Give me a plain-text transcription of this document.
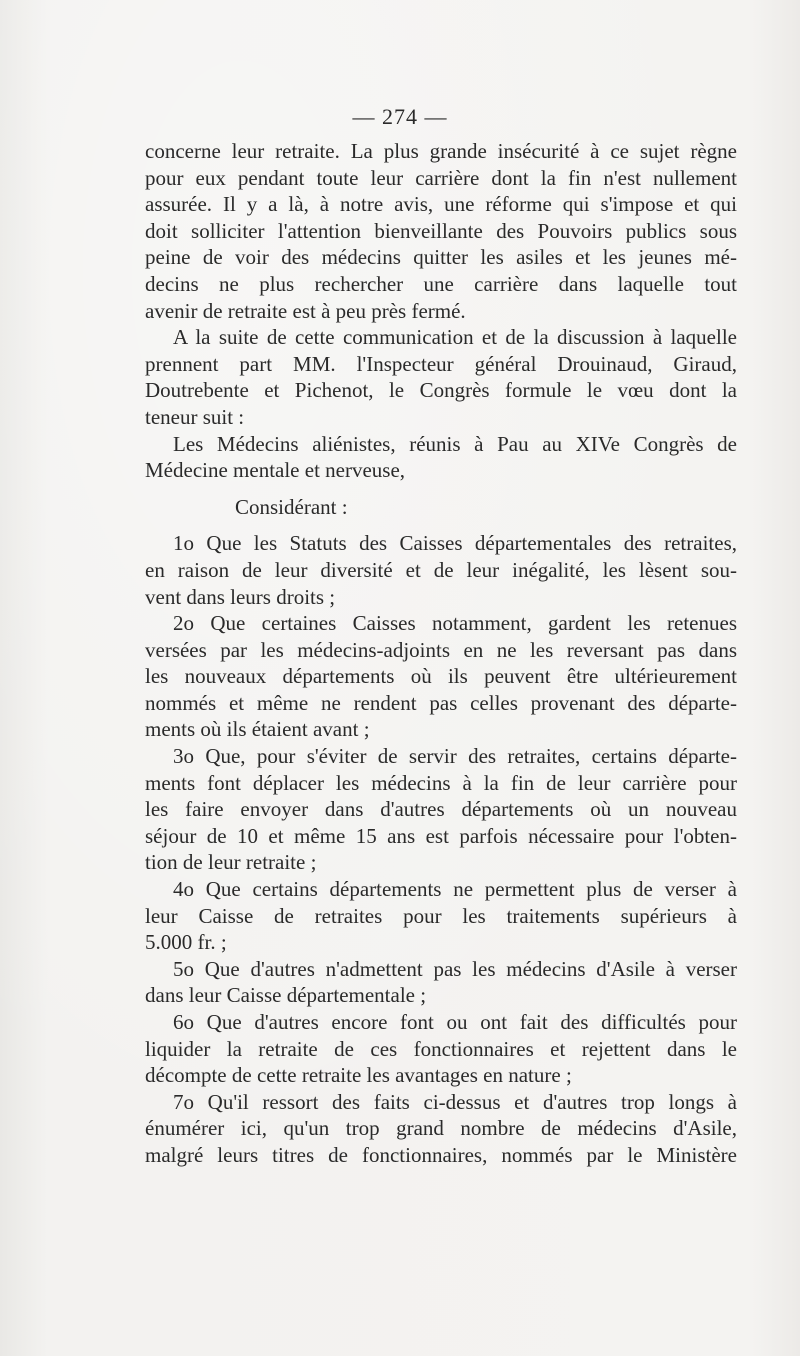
— 274 —
concerne leur retraite. La plus grande insécurité à ce sujet règne
pour eux pendant toute leur carrière dont la fin n'est nullement
assurée. Il y a là, à notre avis, une réforme qui s'impose et qui
doit solliciter l'attention bienveillante des Pouvoirs publics sous
peine de voir des médecins quitter les asiles et les jeunes mé-
decins ne plus rechercher une carrière dans laquelle tout
avenir de retraite est à peu près fermé.
A la suite de cette communication et de la discussion à laquelle
prennent part MM. l'Inspecteur général Drouinaud, Giraud,
Doutrebente et Pichenot, le Congrès formule le vœu dont la
teneur suit :
Les Médecins aliénistes, réunis à Pau au XIVe Congrès de
Médecine mentale et nerveuse,
Considérant :
1o Que les Statuts des Caisses départementales des retraites,
en raison de leur diversité et de leur inégalité, les lèsent sou-
vent dans leurs droits ;
2o Que certaines Caisses notamment, gardent les retenues
versées par les médecins-adjoints en ne les reversant pas dans
les nouveaux départements où ils peuvent être ultérieurement
nommés et même ne rendent pas celles provenant des départe-
ments où ils étaient avant ;
3o Que, pour s'éviter de servir des retraites, certains départe-
ments font déplacer les médecins à la fin de leur carrière pour
les faire envoyer dans d'autres départements où un nouveau
séjour de 10 et même 15 ans est parfois nécessaire pour l'obten-
tion de leur retraite ;
4o Que certains départements ne permettent plus de verser à
leur Caisse de retraites pour les traitements supérieurs à
5.000 fr. ;
5o Que d'autres n'admettent pas les médecins d'Asile à verser
dans leur Caisse départementale ;
6o Que d'autres encore font ou ont fait des difficultés pour
liquider la retraite de ces fonctionnaires et rejettent dans le
décompte de cette retraite les avantages en nature ;
7o Qu'il ressort des faits ci-dessus et d'autres trop longs à
énumérer ici, qu'un trop grand nombre de médecins d'Asile,
malgré leurs titres de fonctionnaires, nommés par le Ministère
